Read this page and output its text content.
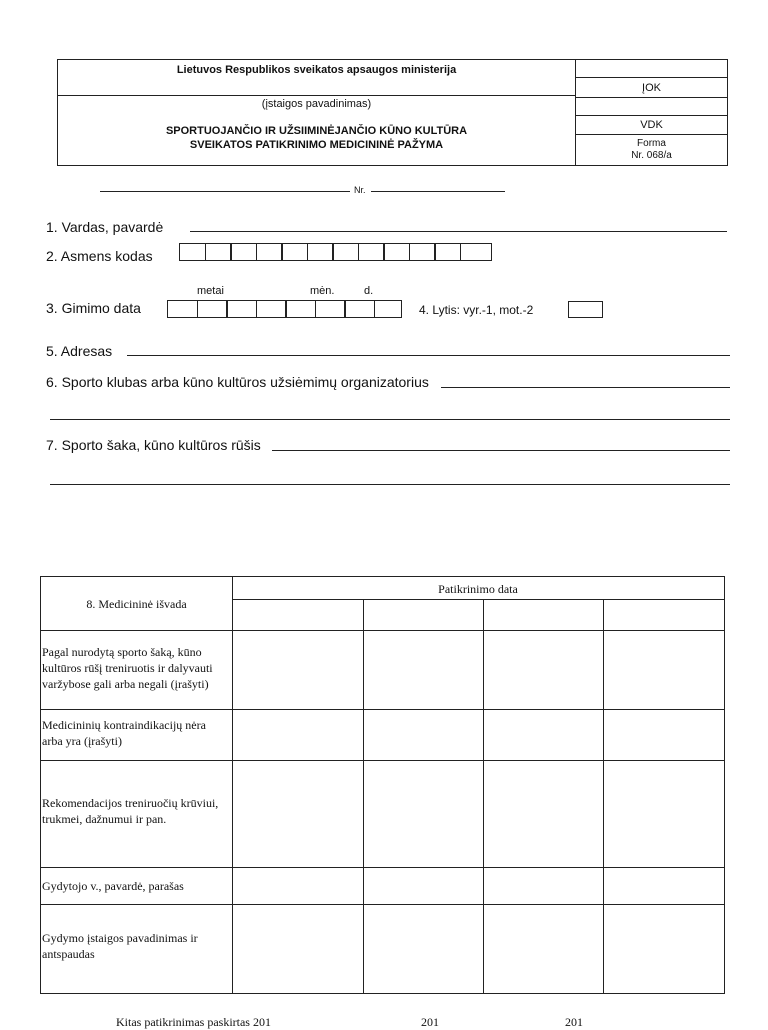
Lietuvos Respublikos sveikatos apsaugos ministerija
(įstaigos pavadinimas)
SPORTUOJANČIO IR UŽSIIMINĖJANČIO KŪNO KULTŪRA
SVEIKATOS PATIKRINIMO MEDICININĖ PAŽYMA
ĮOK
VDK
Forma
Nr. 068/a
Nr.
1. Vardas, pavardė
2. Asmens kodas
metai	mėn.	d.
3. Gimimo data	4. Lytis: vyr.-1, mot.-2
5. Adresas
6. Sporto klubas arba kūno kultūros užsiėmimų organizatorius
7. Sporto šaka, kūno kultūros rūšis
8. Medicininė išvada
Patikrinimo data
Pagal nurodytą sporto šaką, kūno kultūros rūšį treniruotis ir dalyvauti varžybose gali arba negali (įrašyti)
Medicininių kontraindikacijų nėra arba yra (įrašyti)
Rekomendacijos treniruočių krūviui, trukmei, dažnumui ir pan.
Gydytojo v., pavardė, parašas
Gydymo įstaigos pavadinimas ir antspaudas
Kitas patikrinimas paskirtas 201	201	201
